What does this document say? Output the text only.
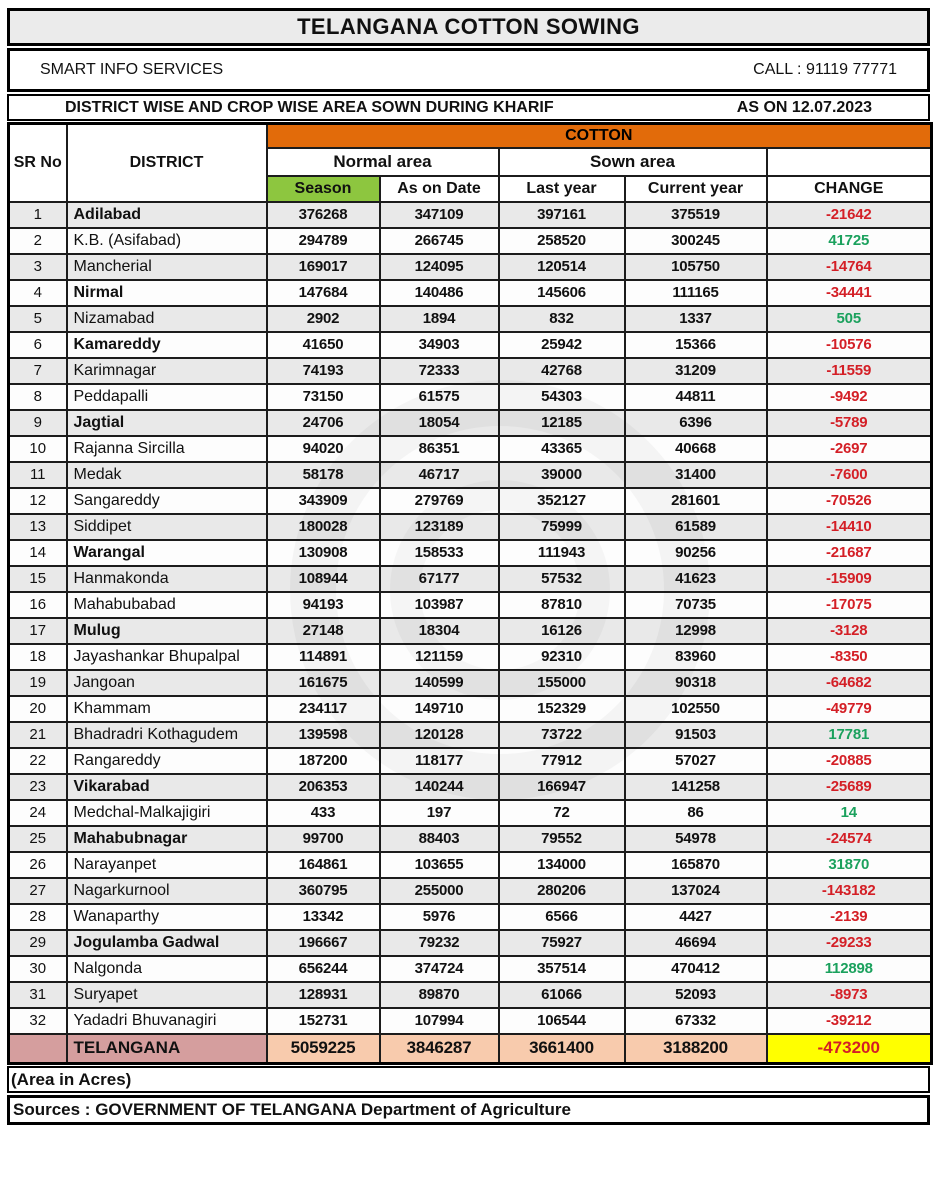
TELANGANA COTTON SOWING
SMART INFO SERVICES	CALL : 91119 77771
DISTRICT WISE AND CROP WISE AREA SOWN DURING KHARIF	AS ON 12.07.2023
SR No	DISTRICT	COTTON				
		Normal area		Sown area		
		Season	As on Date	Last year	Current year	CHANGE
1	Adilabad	376268	347109	397161	375519	-21642
2	K.B. (Asifabad)	294789	266745	258520	300245	41725
3	Mancherial	169017	124095	120514	105750	-14764
4	Nirmal	147684	140486	145606	111165	-34441
5	Nizamabad	2902	1894	832	1337	505
6	Kamareddy	41650	34903	25942	15366	-10576
7	Karimnagar	74193	72333	42768	31209	-11559
8	Peddapalli	73150	61575	54303	44811	-9492
9	Jagtial	24706	18054	12185	6396	-5789
10	Rajanna Sircilla	94020	86351	43365	40668	-2697
11	Medak	58178	46717	39000	31400	-7600
12	Sangareddy	343909	279769	352127	281601	-70526
13	Siddipet	180028	123189	75999	61589	-14410
14	Warangal	130908	158533	111943	90256	-21687
15	Hanmakonda	108944	67177	57532	41623	-15909
16	Mahabubabad	94193	103987	87810	70735	-17075
17	Mulug	27148	18304	16126	12998	-3128
18	Jayashankar Bhupalpal	114891	121159	92310	83960	-8350
19	Jangoan	161675	140599	155000	90318	-64682
20	Khammam	234117	149710	152329	102550	-49779
21	Bhadradri Kothagudem	139598	120128	73722	91503	17781
22	Rangareddy	187200	118177	77912	57027	-20885
23	Vikarabad	206353	140244	166947	141258	-25689
24	Medchal-Malkajigiri	433	197	72	86	14
25	Mahabubnagar	99700	88403	79552	54978	-24574
26	Narayanpet	164861	103655	134000	165870	31870
27	Nagarkurnool	360795	255000	280206	137024	-143182
28	Wanaparthy	13342	5976	6566	4427	-2139
29	Jogulamba Gadwal	196667	79232	75927	46694	-29233
30	Nalgonda	656244	374724	357514	470412	112898
31	Suryapet	128931	89870	61066	52093	-8973
32	Yadadri Bhuvanagiri	152731	107994	106544	67332	-39212
	TELANGANA	5059225	3846287	3661400	3188200	-473200
(Area in Acres)
Sources : GOVERNMENT OF TELANGANA Department of Agriculture
